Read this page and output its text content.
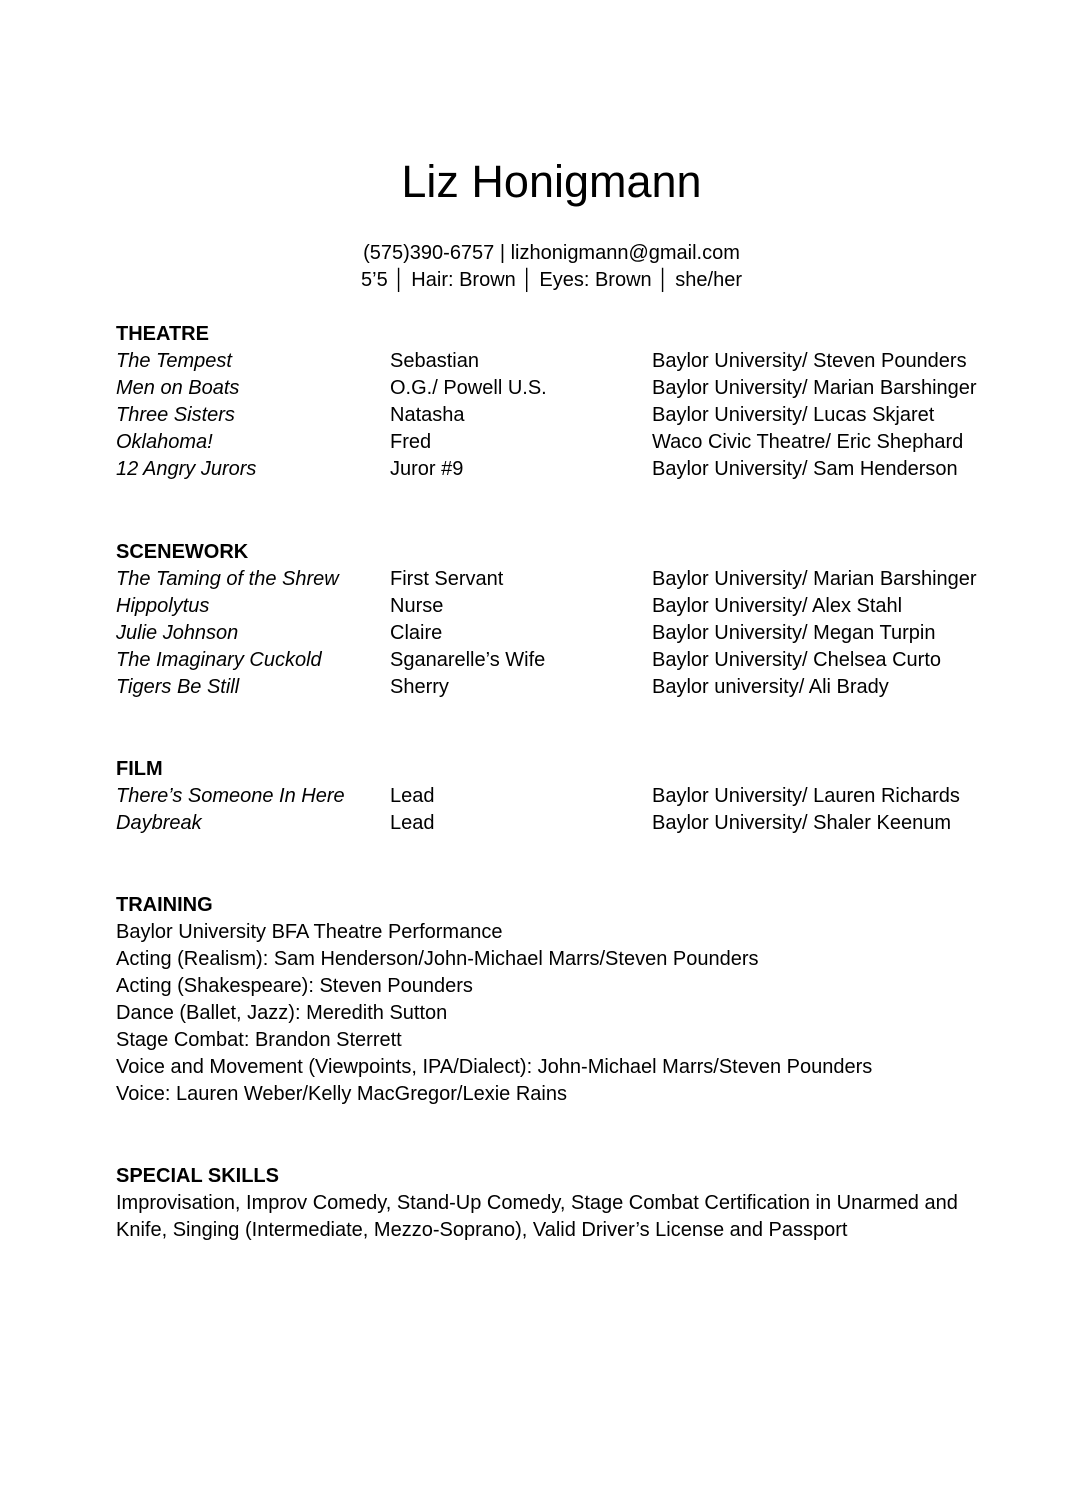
Liz Honigmann
(575)390-6757 | lizhonigmann@gmail.com
5’5 │ Hair: Brown │ Eyes: Brown │ she/her
THEATRE
The Tempest	Sebastian	Baylor University/ Steven Pounders
Men on Boats	O.G./ Powell U.S.	Baylor University/ Marian Barshinger
Three Sisters	Natasha	Baylor University/ Lucas Skjaret
Oklahoma!	Fred	Waco Civic Theatre/ Eric Shephard
12 Angry Jurors	Juror #9	Baylor University/ Sam Henderson
SCENEWORK
The Taming of the Shrew	First Servant	Baylor University/ Marian Barshinger
Hippolytus	Nurse	Baylor University/ Alex Stahl
Julie Johnson	Claire	Baylor University/ Megan Turpin
The Imaginary Cuckold	Sganarelle’s Wife	Baylor University/ Chelsea Curto
Tigers Be Still	Sherry	Baylor university/ Ali Brady
FILM
There’s Someone In Here	Lead	Baylor University/ Lauren Richards
Daybreak	Lead	Baylor University/ Shaler Keenum
TRAINING
Baylor University BFA Theatre Performance
Acting (Realism): Sam Henderson/John-Michael Marrs/Steven Pounders
Acting (Shakespeare): Steven Pounders
Dance (Ballet, Jazz): Meredith Sutton
Stage Combat: Brandon Sterrett
Voice and Movement (Viewpoints, IPA/Dialect): John-Michael Marrs/Steven Pounders
Voice: Lauren Weber/Kelly MacGregor/Lexie Rains
SPECIAL SKILLS

Improvisation, Improv Comedy, Stand-Up Comedy, Stage Combat Certification in Unarmed and Knife, Singing (Intermediate, Mezzo-Soprano), Valid Driver’s License and Passport
